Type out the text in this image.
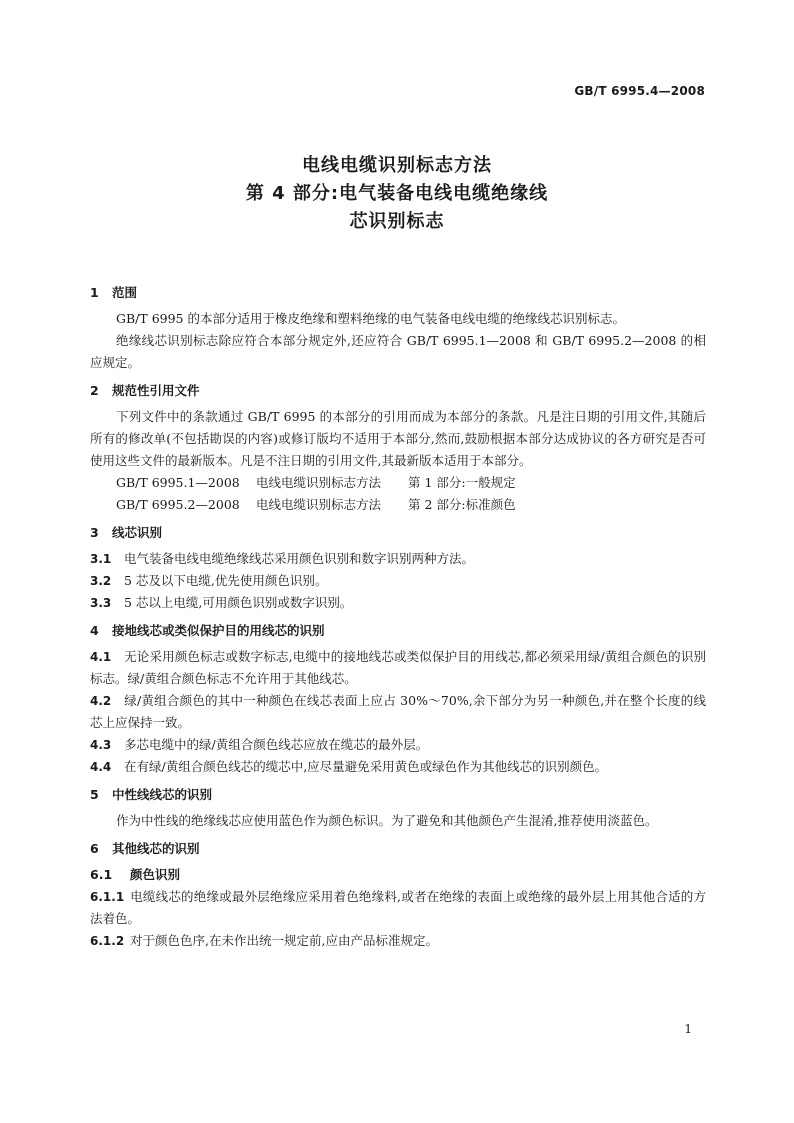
GB/T 6995.4—2008
电线电缆识别标志方法
第 4 部分:电气装备电线电缆绝缘线
芯识别标志
1 范围

GB/T 6995 的本部分适用于橡皮绝缘和塑料绝缘的电气装备电线电缆的绝缘线芯识别标志。

绝缘线芯识别标志除应符合本部分规定外,还应符合 GB/T 6995.1—2008 和 GB/T 6995.2—2008 的相应规定。

2 规范性引用文件

下列文件中的条款通过 GB/T 6995 的本部分的引用而成为本部分的条款。凡是注日期的引用文件,其随后所有的修改单(不包括勘误的内容)或修订版均不适用于本部分,然而,鼓励根据本部分达成协议的各方研究是否可使用这些文件的最新版本。凡是不注日期的引用文件,其最新版本适用于本部分。

GB/T 6995.1—2008 电线电缆识别标志方法 第 1 部分:一般规定

GB/T 6995.2—2008 电线电缆识别标志方法 第 2 部分:标准颜色

3 线芯识别

3.1 电气装备电线电缆绝缘线芯采用颜色识别和数字识别两种方法。

3.2 5 芯及以下电缆,优先使用颜色识别。

3.3 5 芯以上电缆,可用颜色识别或数字识别。

4 接地线芯或类似保护目的用线芯的识别

4.1 无论采用颜色标志或数字标志,电缆中的接地线芯或类似保护目的用线芯,都必须采用绿/黄组合颜色的识别标志。绿/黄组合颜色标志不允许用于其他线芯。

4.2 绿/黄组合颜色的其中一种颜色在线芯表面上应占 30%～70%,余下部分为另一种颜色,并在整个长度的线芯上应保持一致。

4.3 多芯电缆中的绿/黄组合颜色线芯应放在缆芯的最外层。

4.4 在有绿/黄组合颜色线芯的缆芯中,应尽量避免采用黄色或绿色作为其他线芯的识别颜色。

5 中性线线芯的识别

作为中性线的绝缘线芯应使用蓝色作为颜色标识。为了避免和其他颜色产生混淆,推荐使用淡蓝色。

6 其他线芯的识别
6.1 颜色识别

6.1.1 电缆线芯的绝缘或最外层绝缘应采用着色绝缘料,或者在绝缘的表面上或绝缘的最外层上用其他合适的方法着色。

6.1.2 对于颜色色序,在未作出统一规定前,应由产品标准规定。

1
